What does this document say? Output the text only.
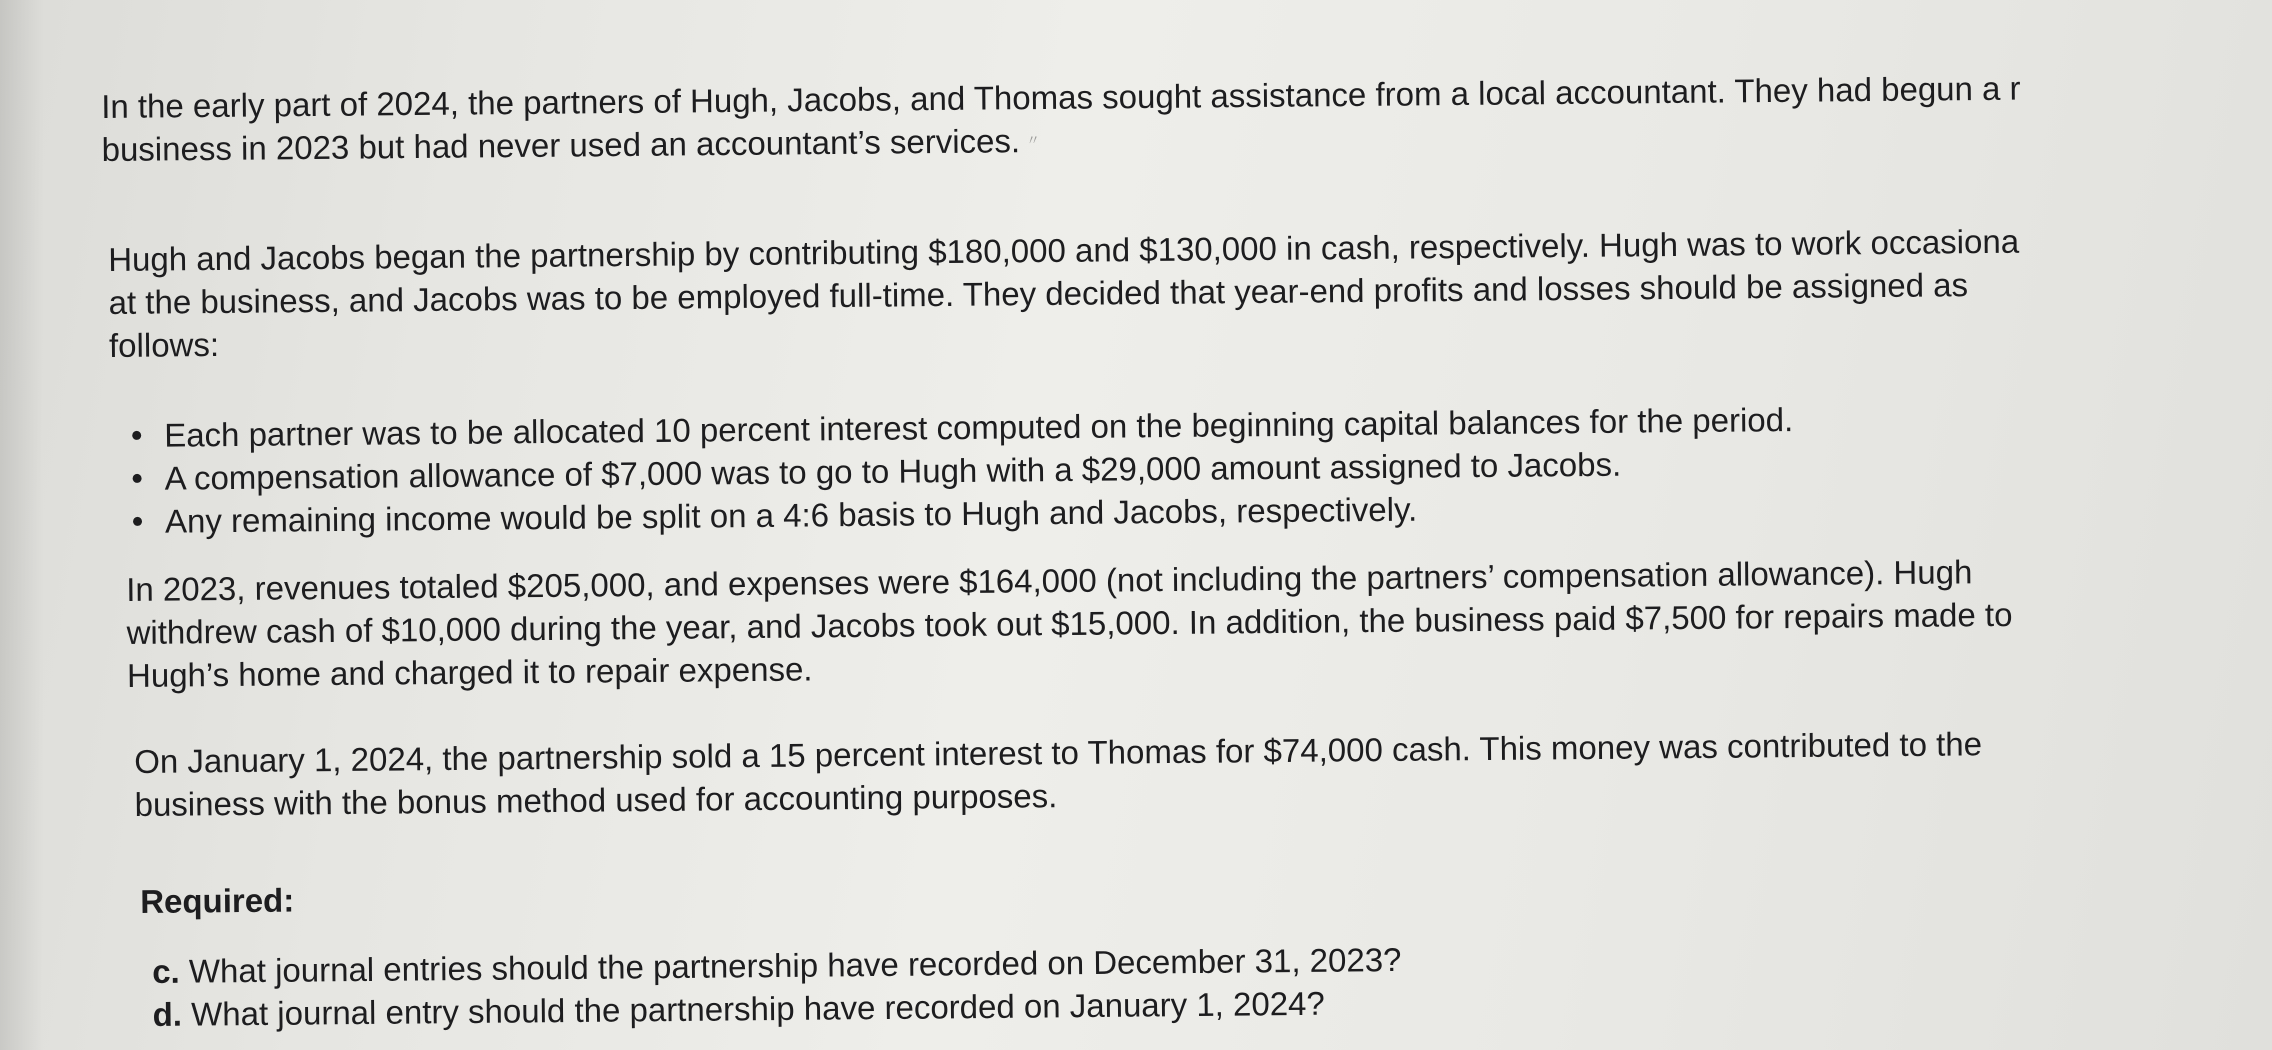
In the early part of 2024, the partners of Hugh, Jacobs, and Thomas sought assistance from a local accountant. They had begun a r
business in 2023 but had never used an accountant’s services. 〃

Hugh and Jacobs began the partnership by contributing $180,000 and $130,000 in cash, respectively. Hugh was to work occasiona
at the business, and Jacobs was to be employed full-time. They decided that year-end profits and losses should be assigned as
follows:

Each partner was to be allocated 10 percent interest computed on the beginning capital balances for the period.
A compensation allowance of $7,000 was to go to Hugh with a $29,000 amount assigned to Jacobs.
Any remaining income would be split on a 4:6 basis to Hugh and Jacobs, respectively.

In 2023, revenues totaled $205,000, and expenses were $164,000 (not including the partners’ compensation allowance). Hugh
withdrew cash of $10,000 during the year, and Jacobs took out $15,000. In addition, the business paid $7,500 for repairs made to
Hugh’s home and charged it to repair expense.

On January 1, 2024, the partnership sold a 15 percent interest to Thomas for $74,000 cash. This money was contributed to the
business with the bonus method used for accounting purposes.

Required:

c. What journal entries should the partnership have recorded on December 31, 2023?
d. What journal entry should the partnership have recorded on January 1, 2024?
